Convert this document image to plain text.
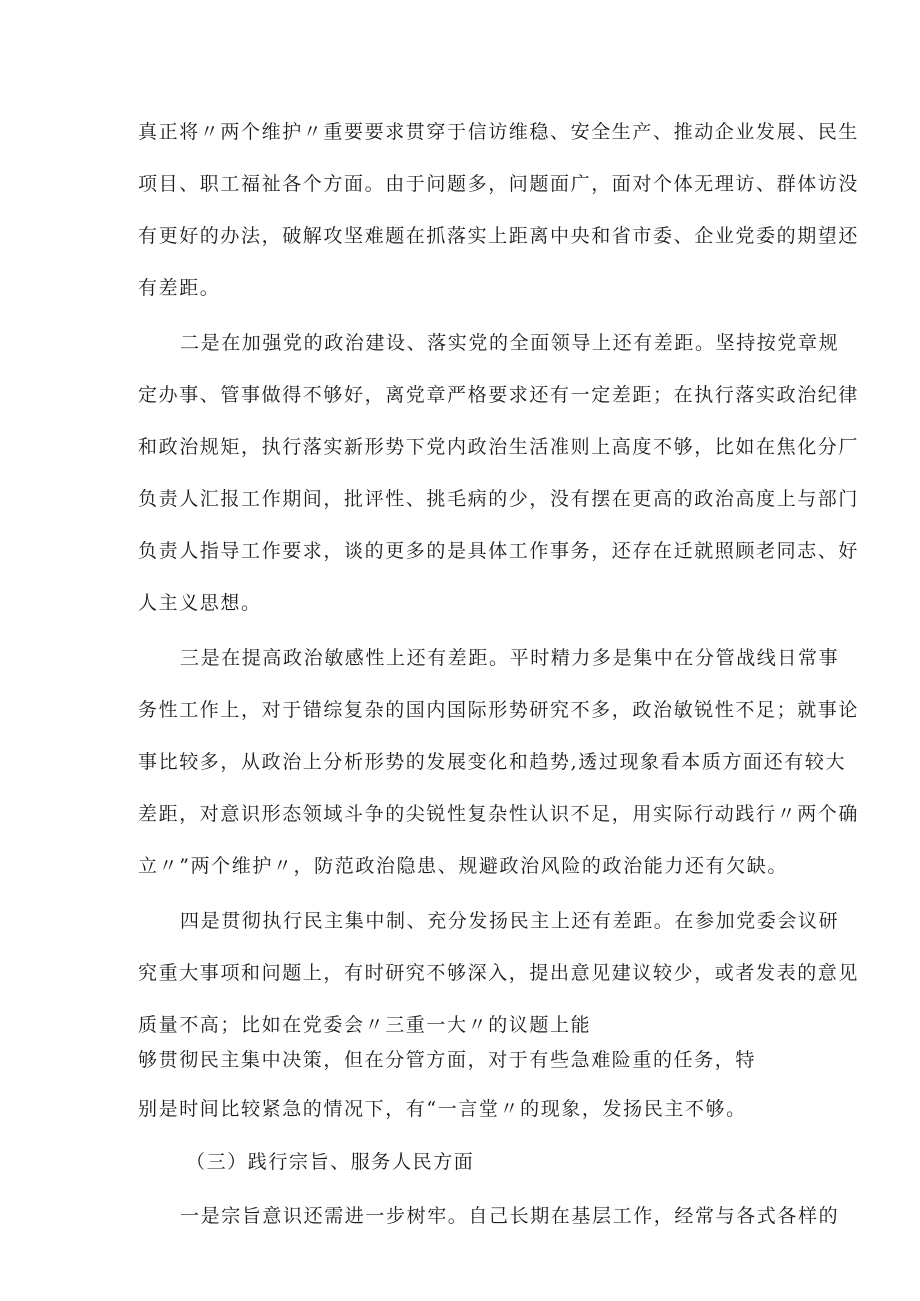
真正将〃两个维护〃重要要求贯穿于信访维稳、安全生产、推动企业发展、民生
项目、职工福祉各个方面。由于问题多，问题面广，面对个体无理访、群体访没
有更好的办法，破解攻坚难题在抓落实上距离中央和省市委、企业党委的期望还
有差距。
二是在加强党的政治建设、落实党的全面领导上还有差距。坚持按党章规
定办事、管事做得不够好，离党章严格要求还有一定差距；在执行落实政治纪律
和政治规矩，执行落实新形势下党内政治生活准则上高度不够，比如在焦化分厂
负责人汇报工作期间，批评性、挑毛病的少，没有摆在更高的政治高度上与部门
负责人指导工作要求，谈的更多的是具体工作事务，还存在迁就照顾老同志、好
人主义思想。
三是在提高政治敏感性上还有差距。平时精力多是集中在分管战线日常事
务性工作上，对于错综复杂的国内国际形势研究不多，政治敏锐性不足；就事论
事比较多，从政治上分析形势的发展变化和趋势,透过现象看本质方面还有较大
差距，对意识形态领域斗争的尖锐性复杂性认识不足，用实际行动践行〃两个确
立〃”两个维护〃，防范政治隐患、规避政治风险的政治能力还有欠缺。
四是贯彻执行民主集中制、充分发扬民主上还有差距。在参加党委会议研
究重大事项和问题上，有时研究不够深入，提出意见建议较少，或者发表的意见
质量不高；比如在党委会〃三重一大〃的议题上能
够贯彻民主集中决策，但在分管方面，对于有些急难险重的任务，特
别是时间比较紧急的情况下，有“一言堂〃的现象，发扬民主不够。
（三）践行宗旨、服务人民方面
一是宗旨意识还需进一步树牢。自己长期在基层工作，经常与各式各样的
